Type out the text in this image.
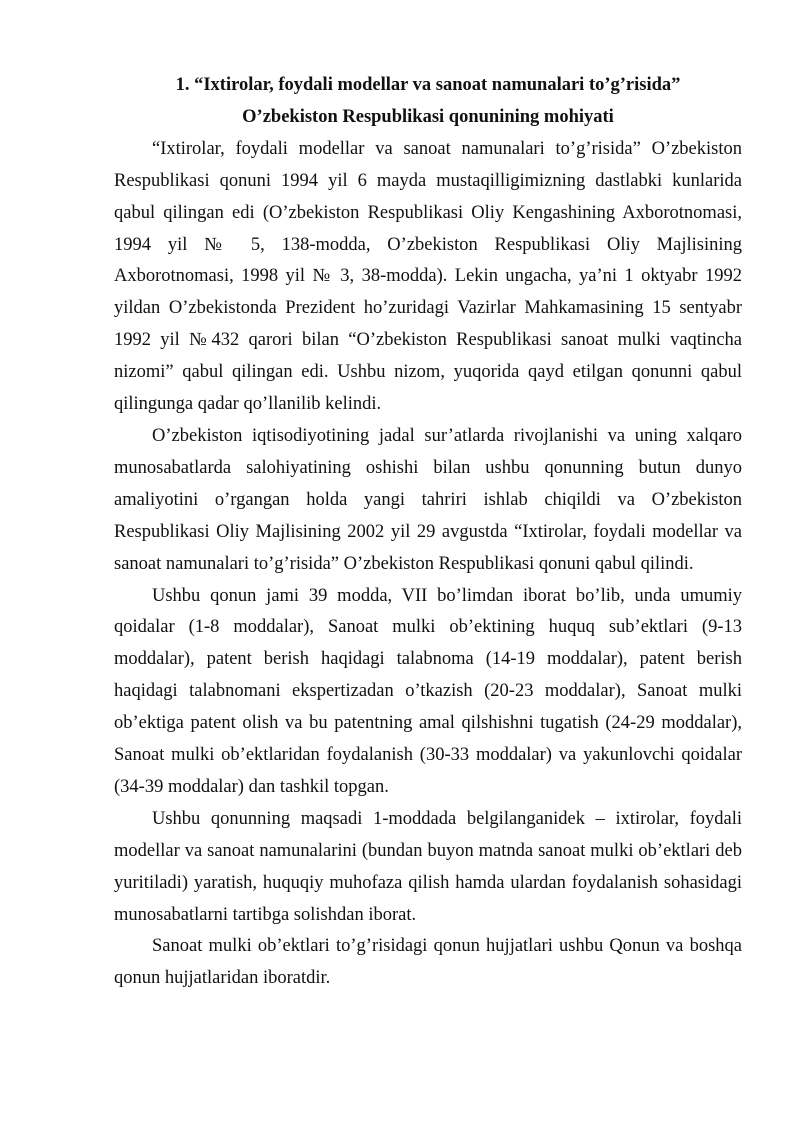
1. “Ixtirolar, foydali modellar va sanoat namunalari to’g’risida”

O’zbekiston Respublikasi qonunining mohiyati

“Ixtirolar, foydali modellar va sanoat namunalari to’g’risida” O’zbekiston Respublikasi qonuni 1994 yil 6 mayda mustaqilligimizning dastlabki kunlarida qabul qilingan edi (O’zbekiston Respublikasi Oliy Kengashining Axborotnomasi, 1994 yil № 5, 138-modda, O’zbekiston Respublikasi Oliy Majlisining Axborotnomasi, 1998 yil № 3, 38-modda). Lekin ungacha, ya’ni 1 oktyabr 1992 yildan O’zbekistonda Prezident ho’zuridagi Vazirlar Mahkamasining 15 sentyabr 1992 yil №432 qarori bilan “O’zbekiston Respublikasi sanoat mulki vaqtincha nizomi” qabul qilingan edi. Ushbu nizom, yuqorida qayd etilgan qonunni qabul qilingunga qadar qo’llanilib kelindi.

O’zbekiston iqtisodiyotining jadal sur’atlarda rivojlanishi va uning xalqaro munosabatlarda salohiyatining oshishi bilan ushbu qonunning butun dunyo amaliyotini o’rgangan holda yangi tahriri ishlab chiqildi va O’zbekiston Respublikasi Oliy Majlisining 2002 yil 29 avgustda “Ixtirolar, foydali modellar va sanoat namunalari to’g’risida” O’zbekiston Respublikasi qonuni qabul qilindi.

Ushbu qonun jami 39 modda, VII bo’limdan iborat bo’lib, unda umumiy qoidalar (1-8 moddalar), Sanoat mulki ob’ektining huquq sub’ektlari (9-13 moddalar), patent berish haqidagi talabnoma (14-19 moddalar), patent berish haqidagi talabnomani ekspertizadan o’tkazish (20-23 moddalar), Sanoat mulki ob’ektiga patent olish va bu patentning amal qilshishni tugatish (24-29 moddalar), Sanoat mulki ob’ektlaridan foydalanish (30-33 moddalar) va yakunlovchi qoidalar (34-39 moddalar) dan tashkil topgan.

Ushbu qonunning maqsadi 1-moddada belgilanganidek – ixtirolar, foydali modellar va sanoat namunalarini (bundan buyon matnda sanoat mulki ob’ektlari deb yuritiladi) yaratish, huquqiy muhofaza qilish hamda ulardan foydalanish sohasidagi munosabatlarni tartibga solishdan iborat.

Sanoat mulki ob’ektlari to’g’risidagi qonun hujjatlari ushbu Qonun va boshqa qonun hujjatlaridan iboratdir.
